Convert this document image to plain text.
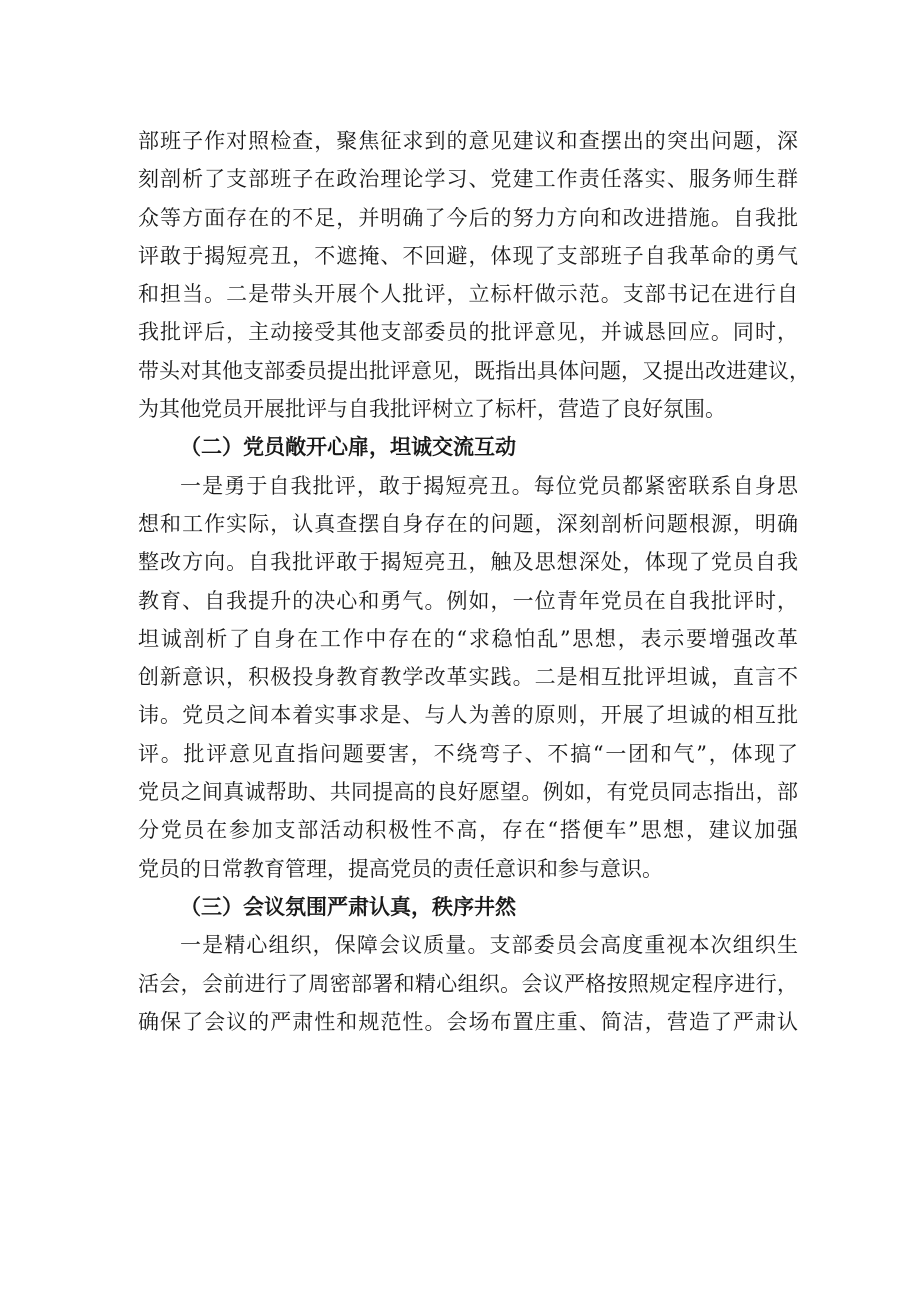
部班子作对照检查，聚焦征求到的意见建议和查摆出的突出问题，深
刻剖析了支部班子在政治理论学习、党建工作责任落实、服务师生群
众等方面存在的不足，并明确了今后的努力方向和改进措施。自我批
评敢于揭短亮丑，不遮掩、不回避，体现了支部班子自我革命的勇气
和担当。二是带头开展个人批评，立标杆做示范。支部书记在进行自
我批评后，主动接受其他支部委员的批评意见，并诚恳回应。同时，
带头对其他支部委员提出批评意见，既指出具体问题，又提出改进建议，
为其他党员开展批评与自我批评树立了标杆，营造了良好氛围。
（二）党员敞开心扉，坦诚交流互动
一是勇于自我批评，敢于揭短亮丑。每位党员都紧密联系自身思
想和工作实际，认真查摆自身存在的问题，深刻剖析问题根源，明确
整改方向。自我批评敢于揭短亮丑，触及思想深处，体现了党员自我
教育、自我提升的决心和勇气。例如，一位青年党员在自我批评时，
坦诚剖析了自身在工作中存在的“求稳怕乱”思想，表示要增强改革
创新意识，积极投身教育教学改革实践。二是相互批评坦诚，直言不
讳。党员之间本着实事求是、与人为善的原则，开展了坦诚的相互批
评。批评意见直指问题要害，不绕弯子、不搞“一团和气”，体现了
党员之间真诚帮助、共同提高的良好愿望。例如，有党员同志指出，部
分党员在参加支部活动积极性不高，存在“搭便车”思想，建议加强
党员的日常教育管理，提高党员的责任意识和参与意识。
（三）会议氛围严肃认真，秩序井然
一是精心组织，保障会议质量。支部委员会高度重视本次组织生
活会，会前进行了周密部署和精心组织。会议严格按照规定程序进行，
确保了会议的严肃性和规范性。会场布置庄重、简洁，营造了严肃认
